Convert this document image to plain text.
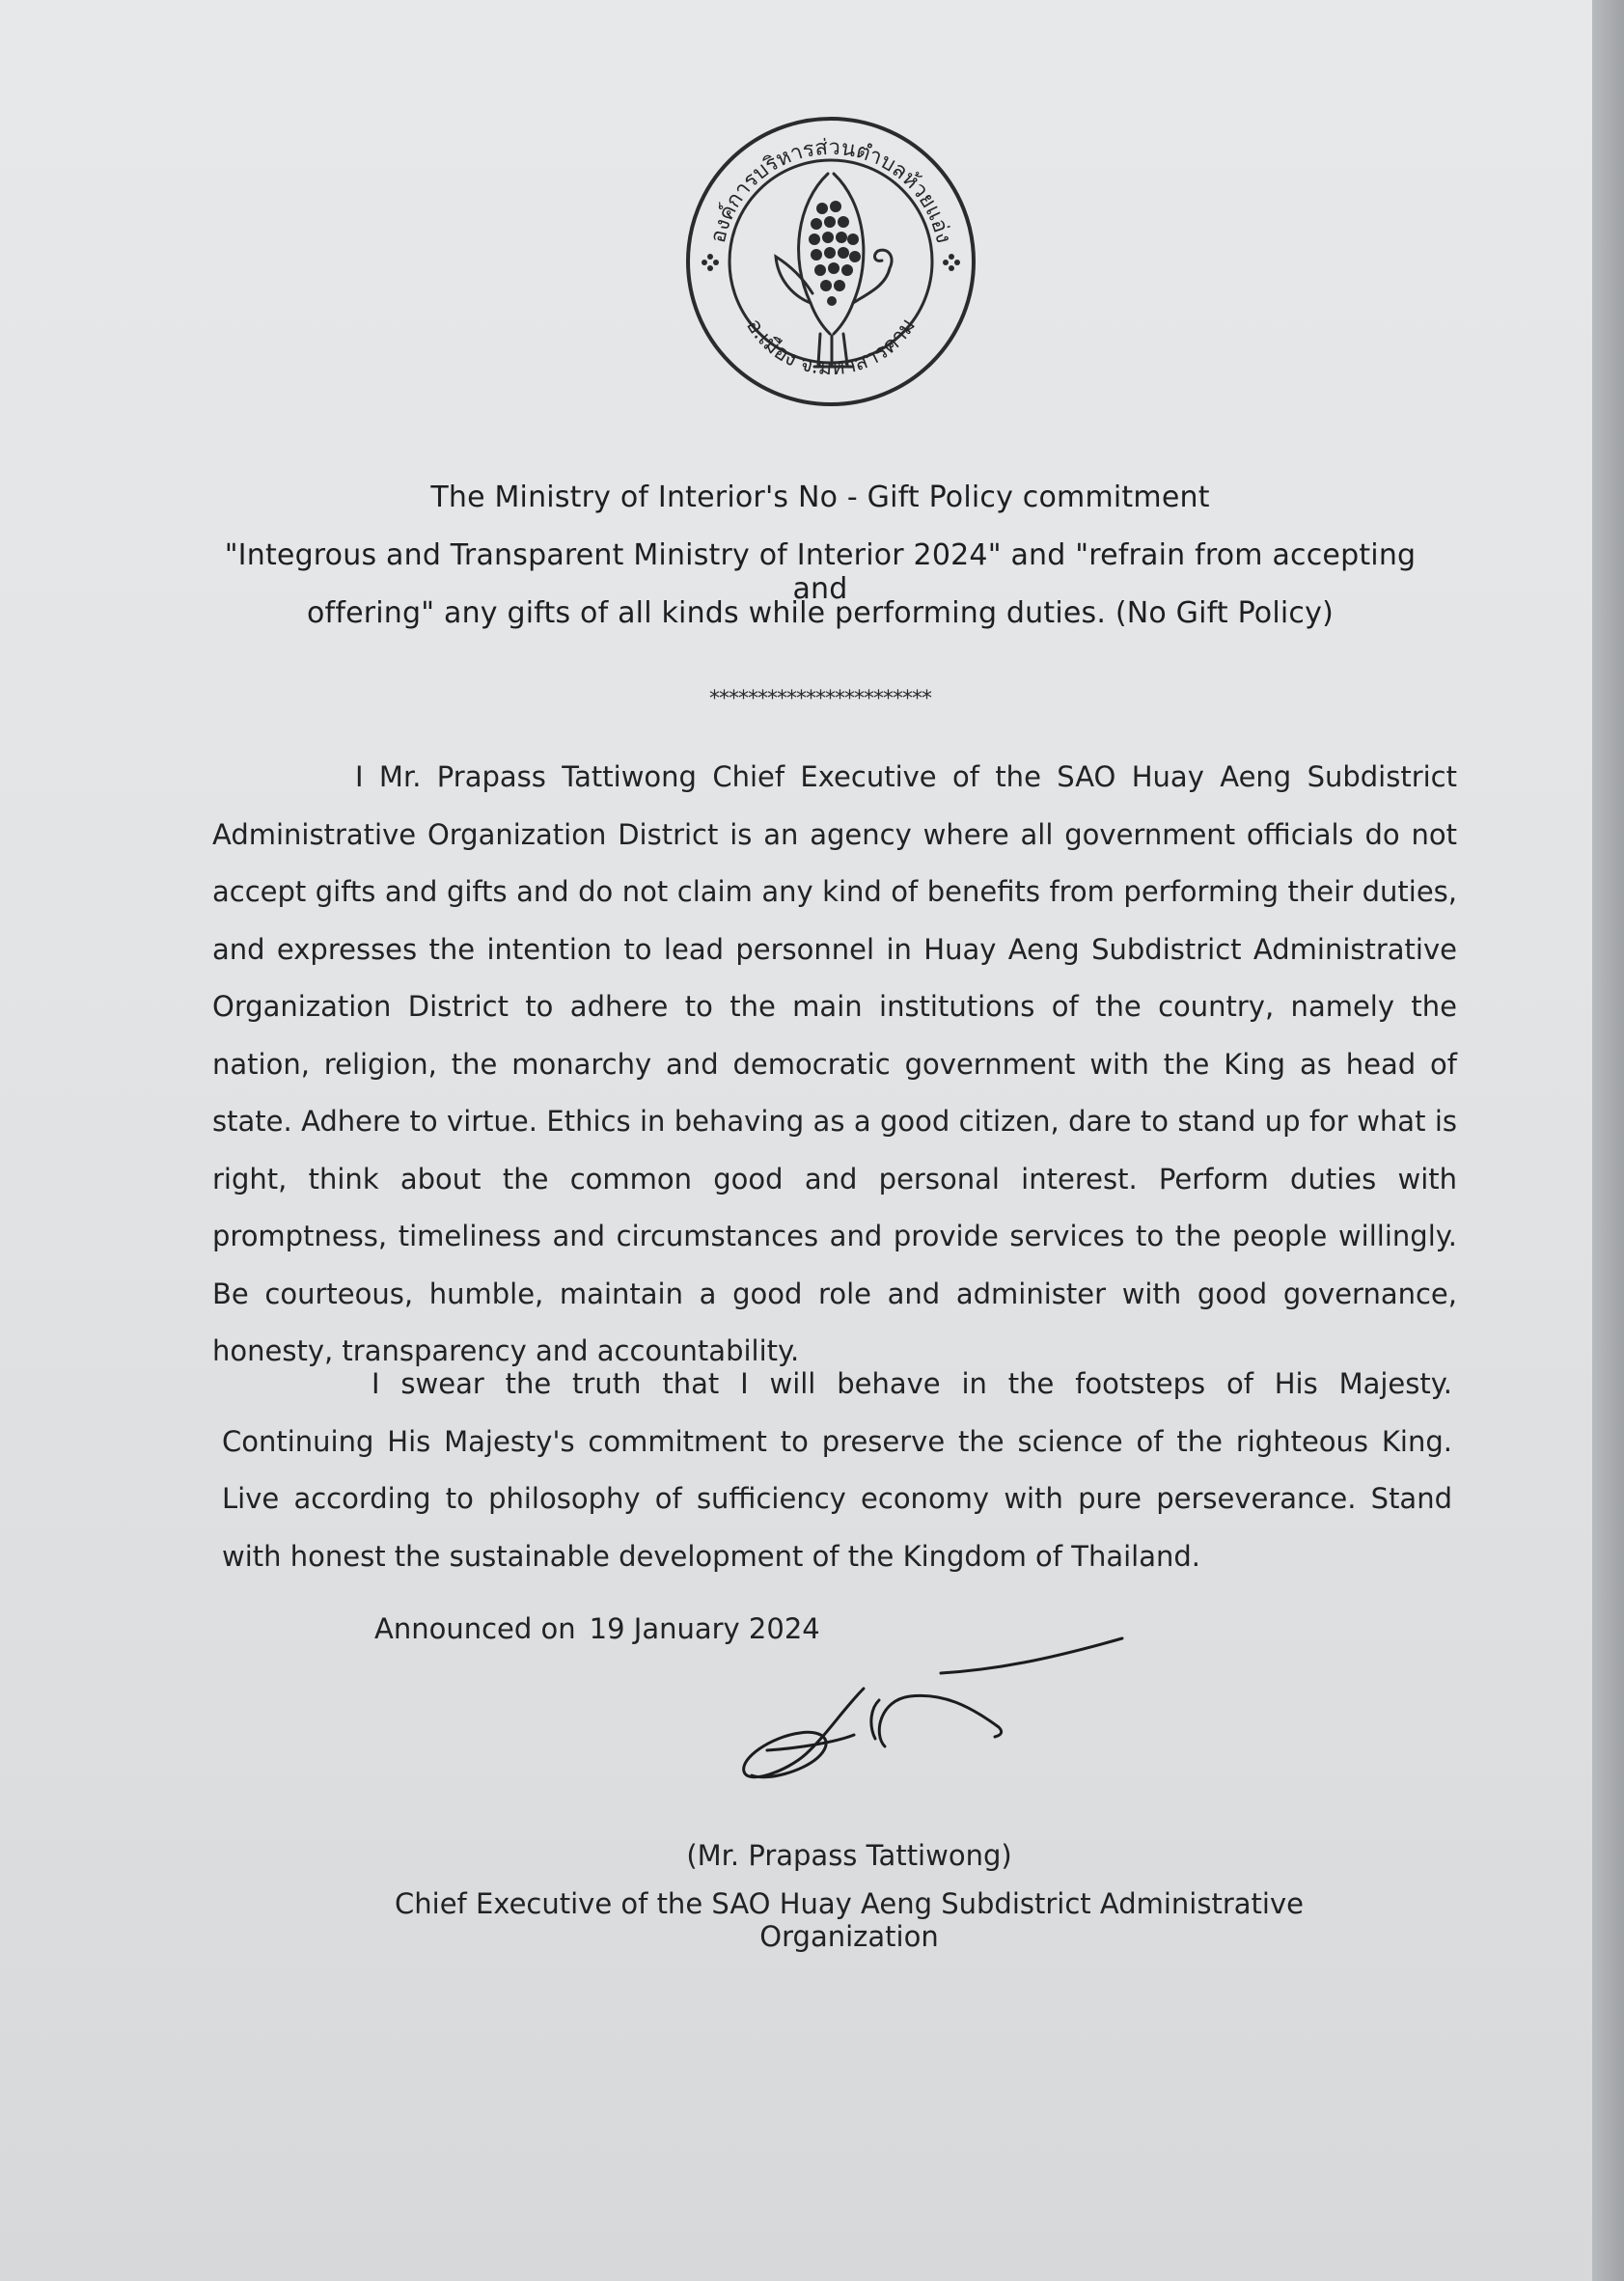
องค์การบริหารส่วนตำบลห้วยแอ่ง
อ.เมือง จ.มหาสารคาม
The Ministry of Interior's No - Gift Policy commitment
"Integrous and Transparent Ministry of Interior 2024" and "refrain from accepting and
offering" any gifts of all kinds while performing duties. (No Gift Policy)
***********************

I Mr. Prapass Tattiwong Chief Executive of the SAO Huay Aeng Subdistrict Administrative Organization District is an agency where all government officials do not accept gifts and gifts and do not claim any kind of benefits from performing their duties, and expresses the intention to lead personnel in Huay Aeng Subdistrict Administrative Organization District to adhere to the main institutions of the country, namely the nation, religion, the monarchy and democratic government with the King as head of state. Adhere to virtue. Ethics in behaving as a good citizen, dare to stand up for what is right, think about the common good and personal interest. Perform duties with promptness, timeliness and circumstances and provide services to the people willingly. Be courteous, humble, maintain a good role and administer with good governance, honesty, transparency and accountability.

I swear the truth that I will behave in the footsteps of His Majesty. Continuing His Majesty's commitment to preserve the science of the righteous King. Live according to philosophy of sufficiency economy with pure perseverance. Stand with honest the sustainable development of the Kingdom of Thailand.

Announced on 19 January 2024
(Mr. Prapass Tattiwong)
Chief Executive of the SAO Huay Aeng Subdistrict Administrative Organization
